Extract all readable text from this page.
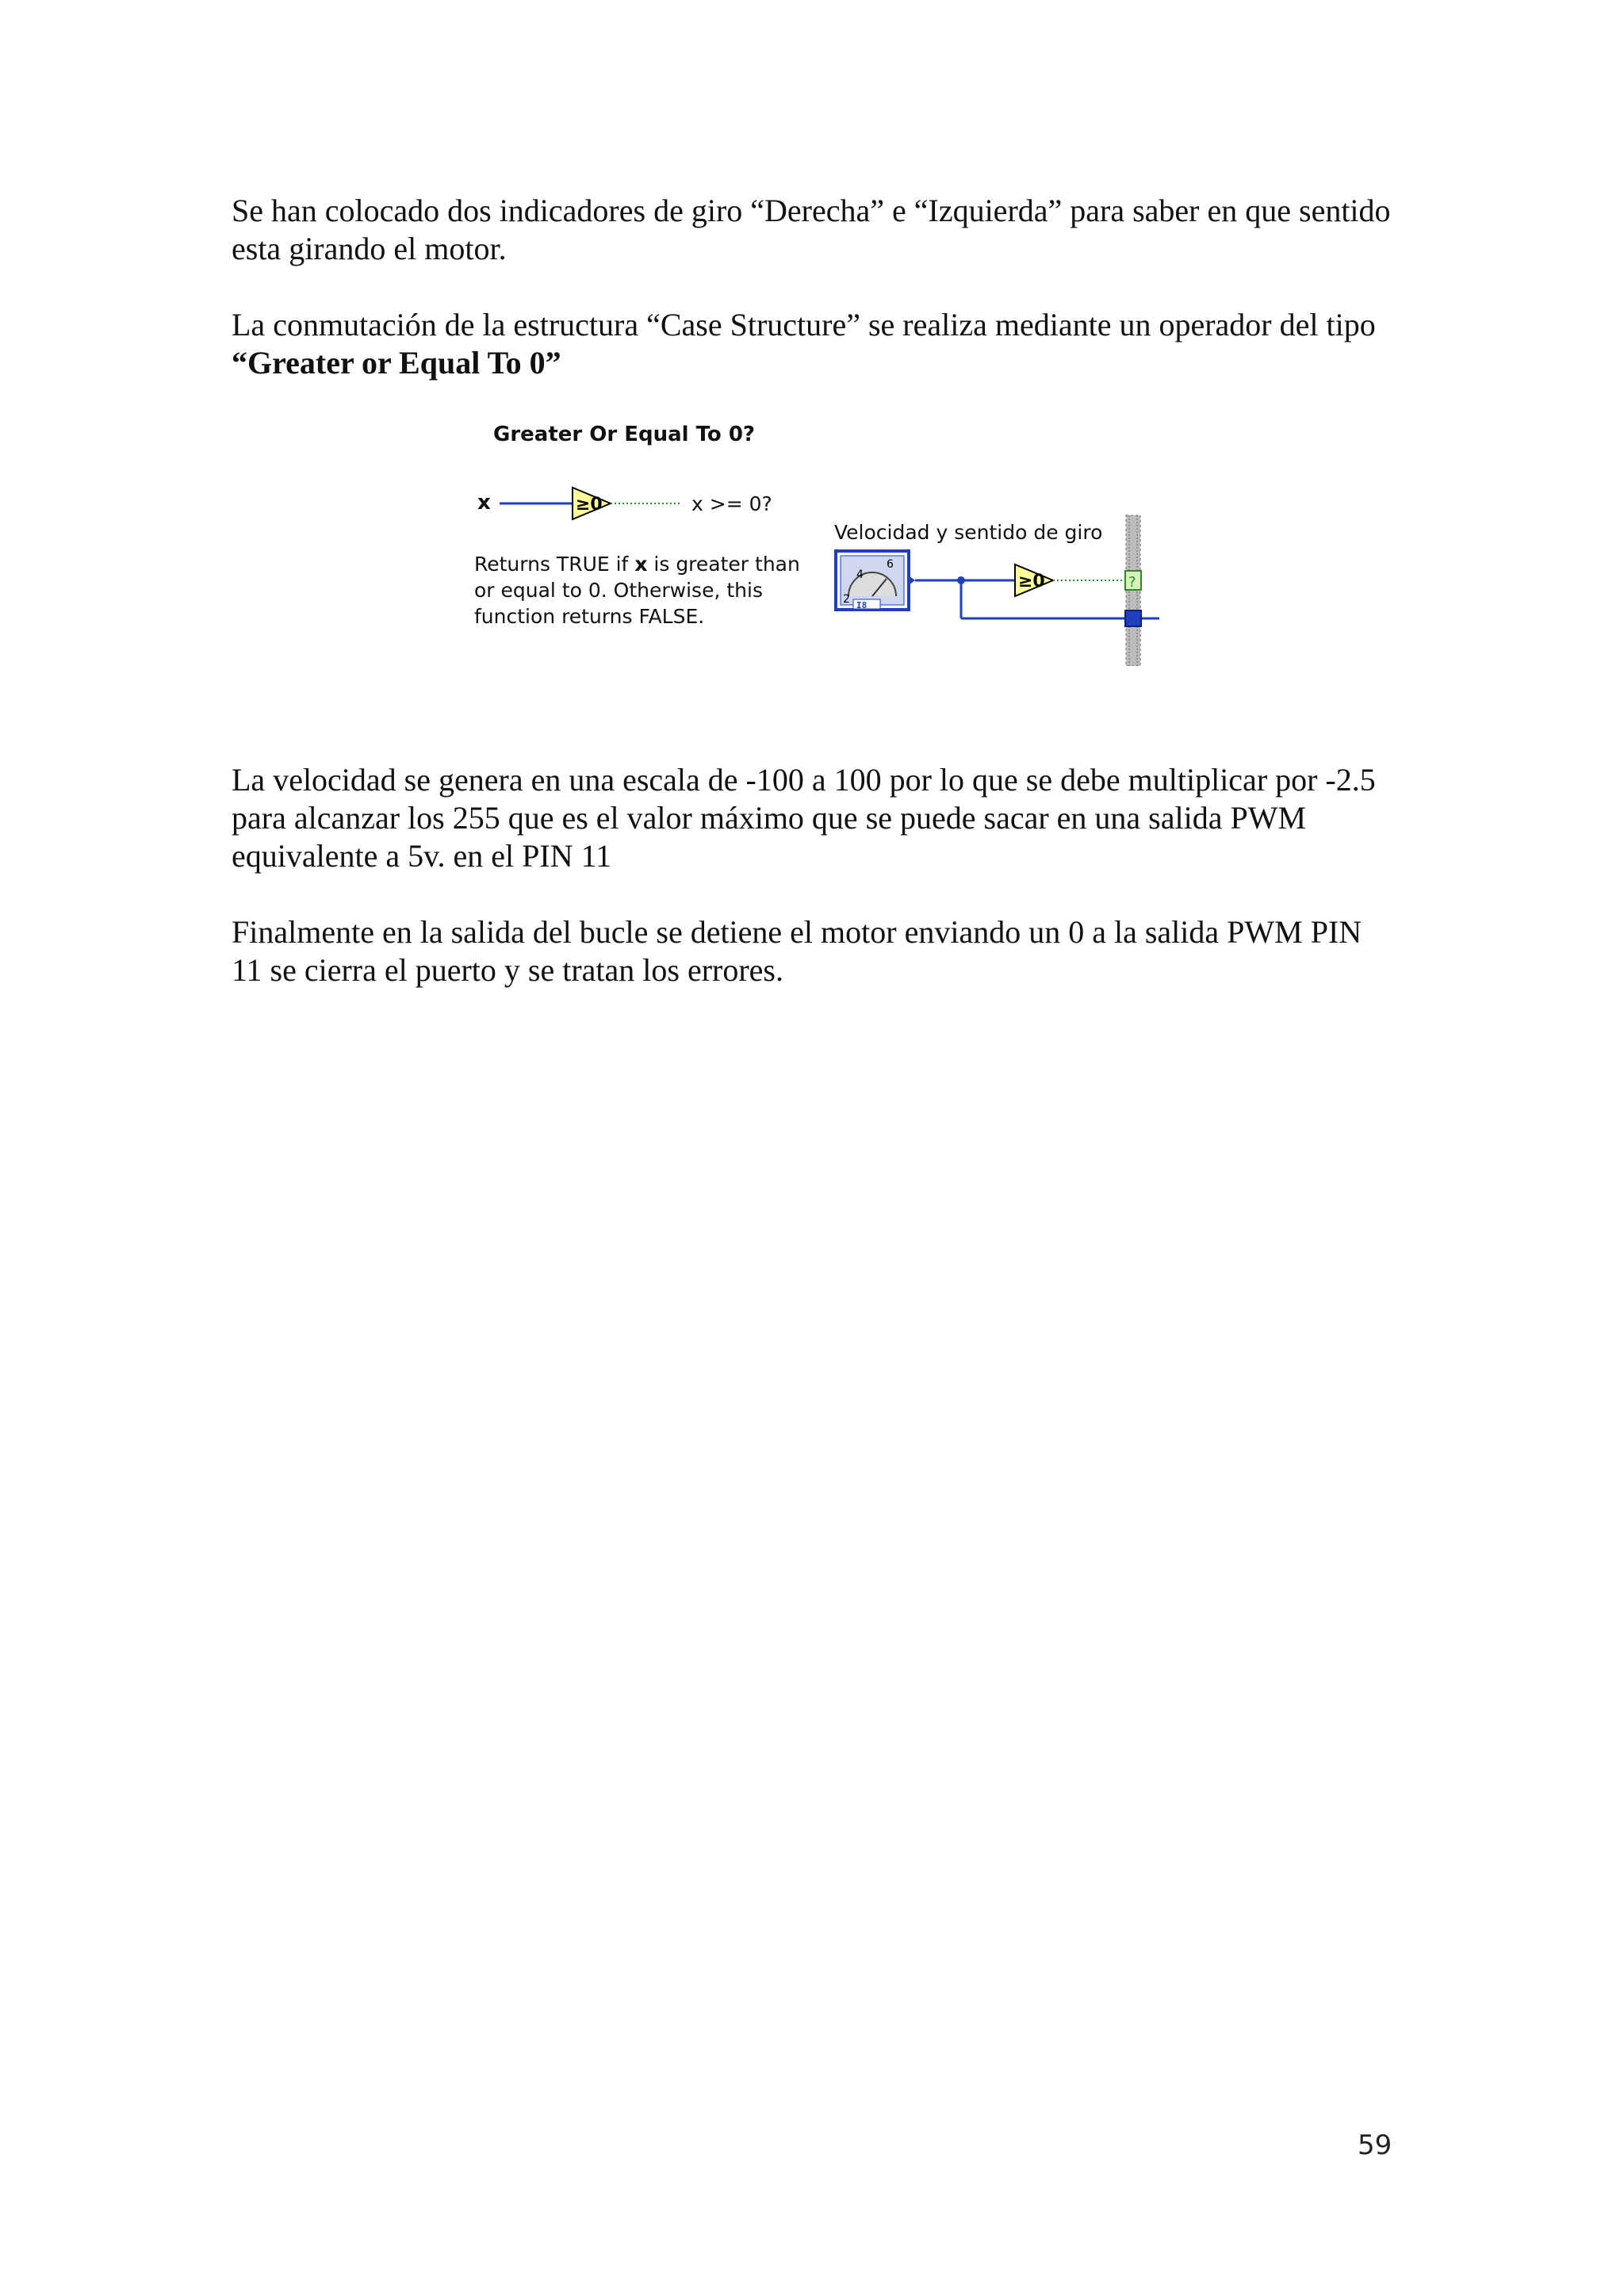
Se han colocado dos indicadores de giro “Derecha” e “Izquierda” para saber en que sentido esta girando el motor.

La conmutación de la estructura “Case Structure” se realiza mediante un operador del tipo “Greater or Equal To 0”

Greater Or Equal To 0?
x	≥0	x >= 0?
Returns TRUE if x is greater than
or equal to 0. Otherwise, this
function returns FALSE.
Velocidad y sentido de giro
6
4
2 I8
≥0	?

La velocidad se genera en una escala de -100 a 100 por lo que se debe multiplicar por -2.5 para alcanzar los 255 que es el valor máximo que se puede sacar en una salida PWM equivalente a 5v. en el PIN 11

Finalmente en la salida del bucle se detiene el motor enviando un 0 a la salida PWM PIN 11 se cierra el puerto y se tratan los errores.

59
